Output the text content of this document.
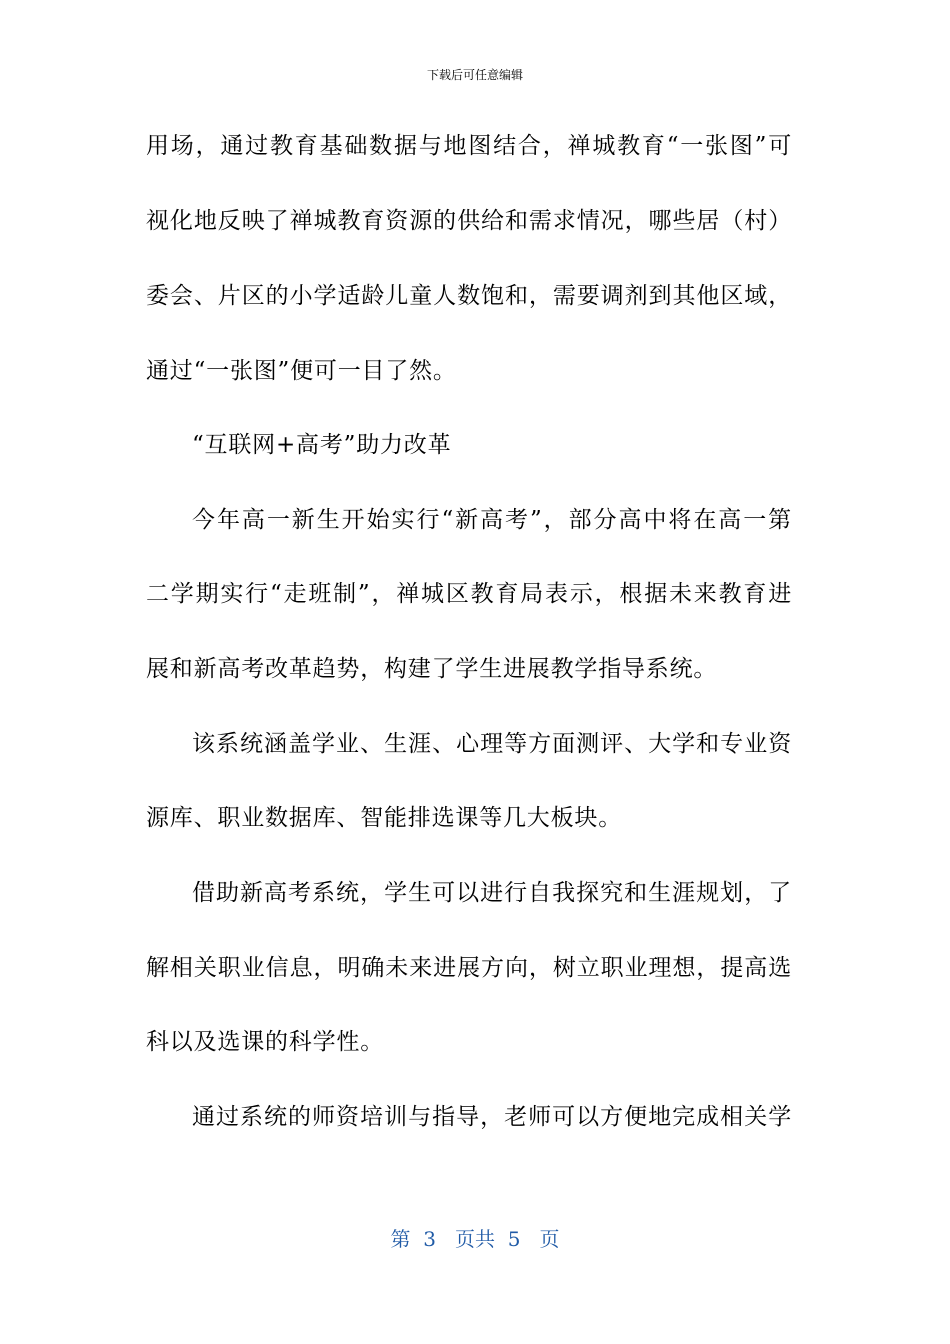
下载后可任意编辑
用场，通过教育基础数据与地图结合，禅城教育“一张图”可
视化地反映了禅城教育资源的供给和需求情况，哪些居（村）
委会、片区的小学适龄儿童人数饱和，需要调剂到其他区域，
通过“一张图”便可一目了然。
“互联网+高考”助力改革
今年高一新生开始实行“新高考”，部分高中将在高一第
二学期实行“走班制”，禅城区教育局表示，根据未来教育进
展和新高考改革趋势，构建了学生进展教学指导系统。
该系统涵盖学业、生涯、心理等方面测评、大学和专业资
源库、职业数据库、智能排选课等几大板块。
借助新高考系统，学生可以进行自我探究和生涯规划，了
解相关职业信息，明确未来进展方向，树立职业理想，提高选
科以及选课的科学性。
通过系统的师资培训与指导，老师可以方便地完成相关学
第  3   页共  5   页
